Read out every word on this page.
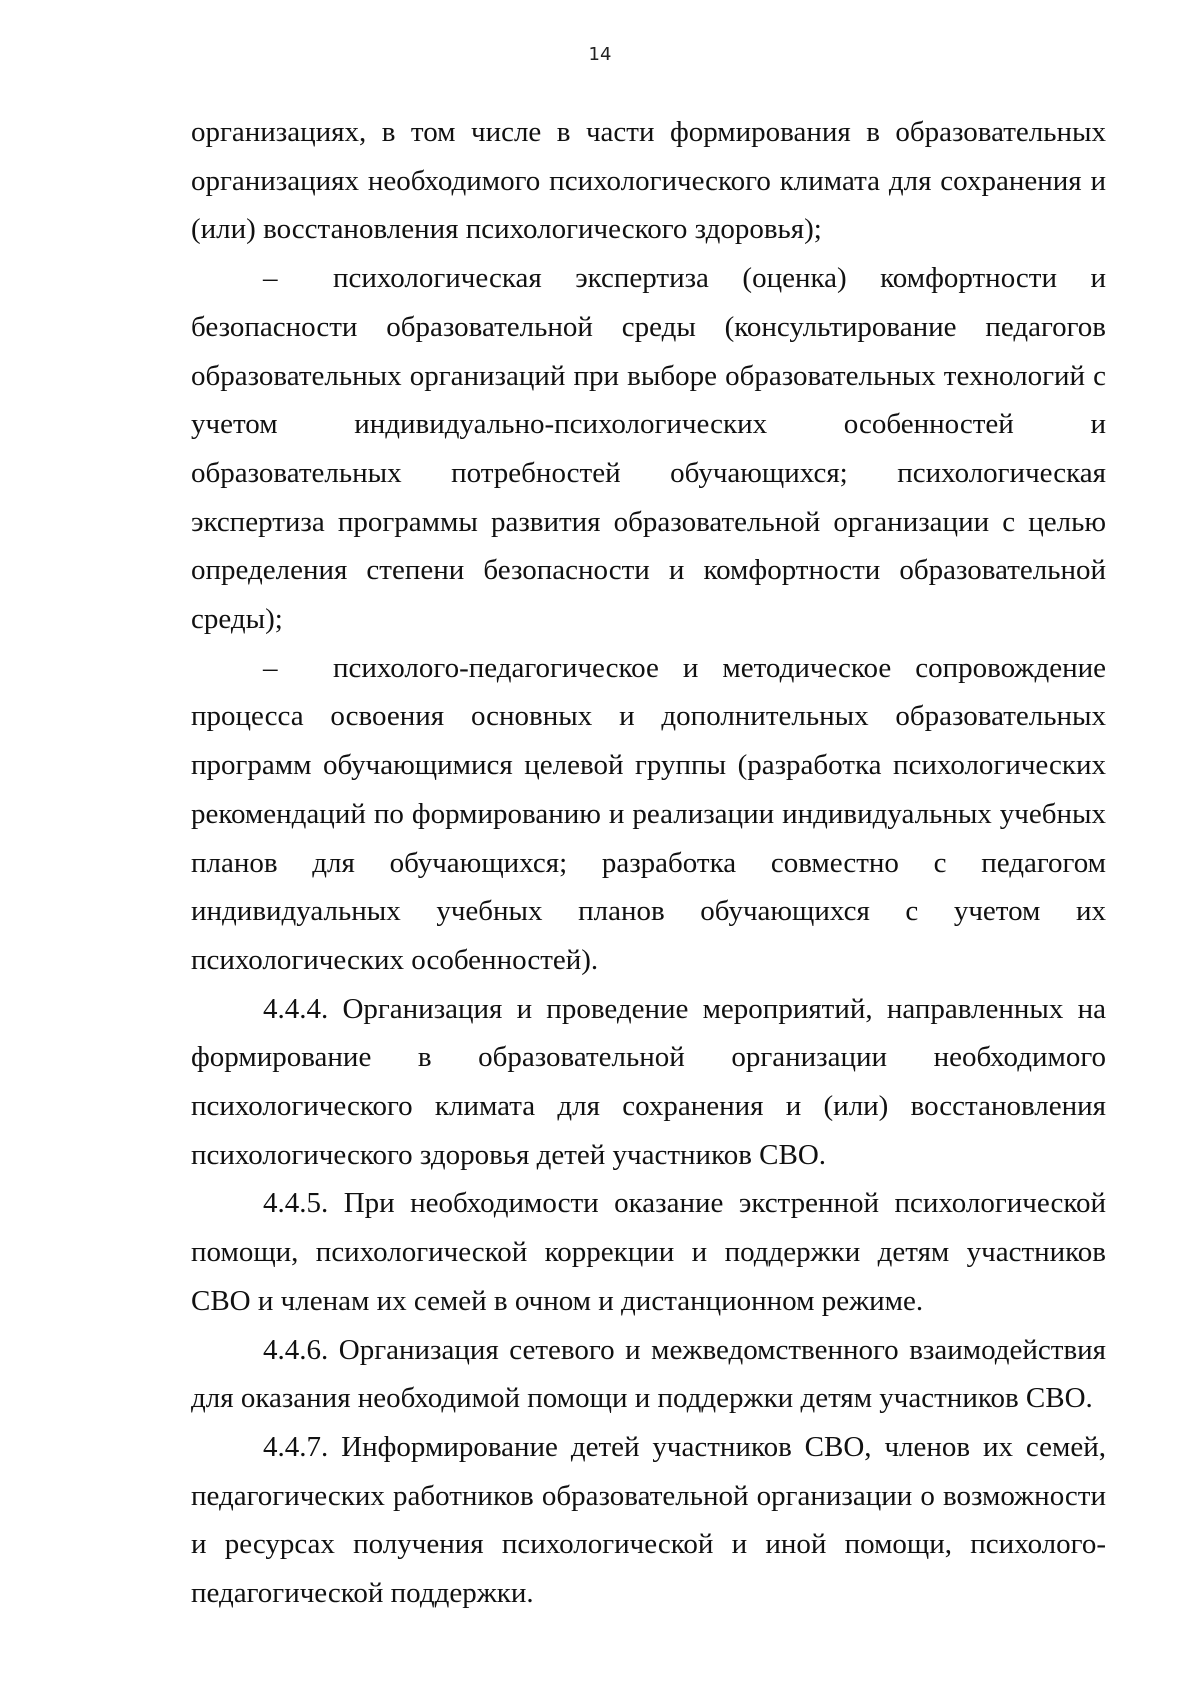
14

организациях, в том числе в части формирования в образовательных организациях необходимого психологического климата для сохранения и (или) восстановления психологического здоровья);

– психологическая экспертиза (оценка) комфортности и безопасности образовательной среды (консультирование педагогов образовательных организаций при выборе образовательных технологий с учетом индивидуально-психологических особенностей и образовательных потребностей обучающихся; психологическая экспертиза программы развития образовательной организации с целью определения степени безопасности и комфортности образовательной среды);

– психолого-педагогическое и методическое сопровождение процесса освоения основных и дополнительных образовательных программ обучающимися целевой группы (разработка психологических рекомендаций по формированию и реализации индивидуальных учебных планов для обучающихся; разработка совместно с педагогом индивидуальных учебных планов обучающихся с учетом их психологических особенностей).

4.4.4. Организация и проведение мероприятий, направленных на формирование в образовательной организации необходимого психологического климата для сохранения и (или) восстановления психологического здоровья детей участников СВО.

4.4.5. При необходимости оказание экстренной психологической помощи, психологической коррекции и поддержки детям участников СВО и членам их семей в очном и дистанционном режиме.

4.4.6. Организация сетевого и межведомственного взаимодействия для оказания необходимой помощи и поддержки детям участников СВО.

4.4.7. Информирование детей участников СВО, членов их семей, педагогических работников образовательной организации о возможности и ресурсах получения психологической и иной помощи, психолого-педагогической поддержки.
